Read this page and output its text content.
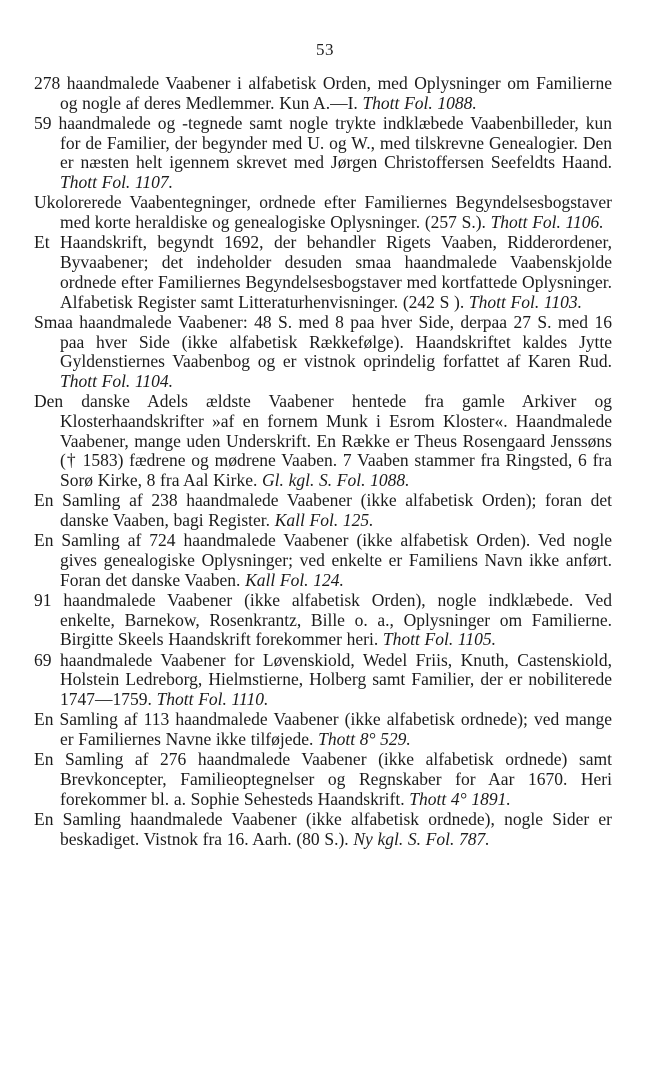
53
278 haandmalede Vaabener i alfabetisk Orden, med Oplysninger om Familierne og nogle af deres Medlemmer. Kun A.—I. Thott Fol. 1088.
59 haandmalede og -tegnede samt nogle trykte indklæbede Vaabenbilleder, kun for de Familier, der begynder med U. og W., med tilskrevne Genealogier. Den er næsten helt igennem skrevet med Jørgen Christoffersen Seefeldts Haand. Thott Fol. 1107.
Ukolorerede Vaabentegninger, ordnede efter Familiernes Begyndelsesbogstaver med korte heraldiske og genealogiske Oplysninger. (257 S.). Thott Fol. 1106.
Et Haandskrift, begyndt 1692, der behandler Rigets Vaaben, Ridderordener, Byvaabener; det indeholder desuden smaa haandmalede Vaabenskjolde ordnede efter Familiernes Begyndelsesbogstaver med kortfattede Oplysninger. Alfabetisk Register samt Litteraturhenvisninger. (242 S ). Thott Fol. 1103.
Smaa haandmalede Vaabener: 48 S. med 8 paa hver Side, derpaa 27 S. med 16 paa hver Side (ikke alfabetisk Rækkefølge). Haandskriftet kaldes Jytte Gyldenstiernes Vaabenbog og er vistnok oprindelig forfattet af Karen Rud. Thott Fol. 1104.
Den danske Adels ældste Vaabener hentede fra gamle Arkiver og Klosterhaandskrifter »af en fornem Munk i Esrom Kloster«. Haandmalede Vaabener, mange uden Underskrift. En Række er Theus Rosengaard Jenssøns († 1583) fædrene og mødrene Vaaben. 7 Vaaben stammer fra Ringsted, 6 fra Sorø Kirke, 8 fra Aal Kirke. Gl. kgl. S. Fol. 1088.
En Samling af 238 haandmalede Vaabener (ikke alfabetisk Orden); foran det danske Vaaben, bagi Register. Kall Fol. 125.
En Samling af 724 haandmalede Vaabener (ikke alfabetisk Orden). Ved nogle gives genealogiske Oplysninger; ved enkelte er Familiens Navn ikke anført. Foran det danske Vaaben. Kall Fol. 124.
91 haandmalede Vaabener (ikke alfabetisk Orden), nogle indklæbede. Ved enkelte, Barnekow, Rosenkrantz, Bille o. a., Oplysninger om Familierne. Birgitte Skeels Haandskrift forekommer heri. Thott Fol. 1105.
69 haandmalede Vaabener for Løvenskiold, Wedel Friis, Knuth, Castenskiold, Holstein Ledreborg, Hielmstierne, Holberg samt Familier, der er nobiliterede 1747—1759. Thott Fol. 1110.
En Samling af 113 haandmalede Vaabener (ikke alfabetisk ordnede); ved mange er Familiernes Navne ikke tilføjede. Thott 8° 529.
En Samling af 276 haandmalede Vaabener (ikke alfabetisk ordnede) samt Brevkoncepter, Familieoptegnelser og Regnskaber for Aar 1670. Heri forekommer bl. a. Sophie Sehesteds Haandskrift. Thott 4° 1891.
En Samling haandmalede Vaabener (ikke alfabetisk ordnede), nogle Sider er beskadiget. Vistnok fra 16. Aarh. (80 S.). Ny kgl. S. Fol. 787.
